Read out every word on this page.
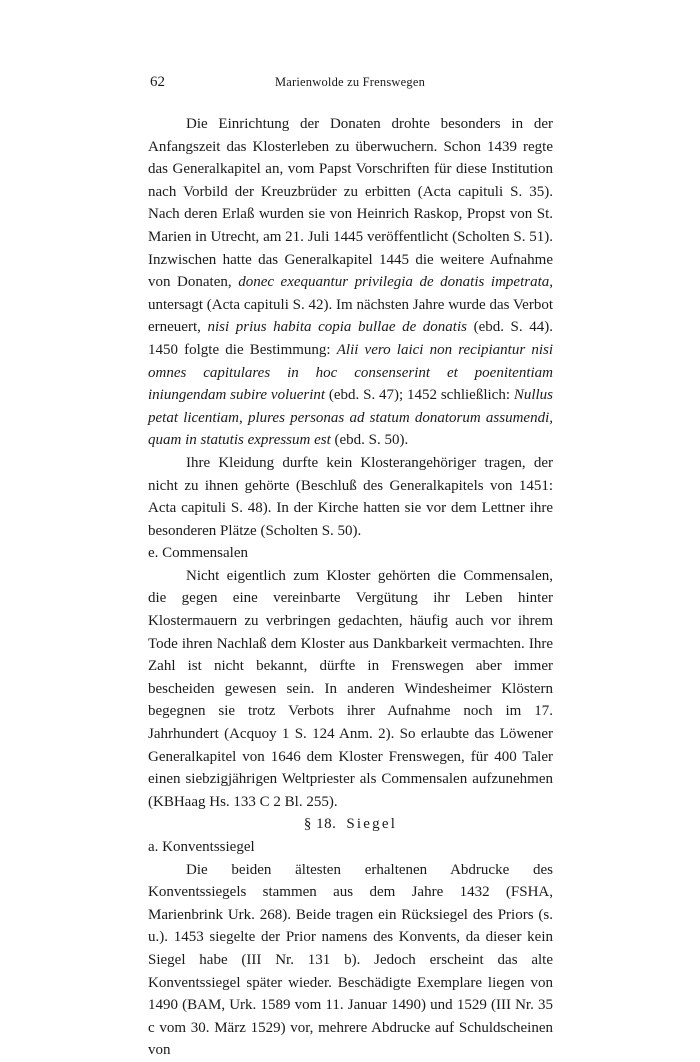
62	Marienwolde zu Frenswegen

Die Einrichtung der Donaten drohte besonders in der Anfangszeit das Klosterleben zu überwuchern. Schon 1439 regte das Generalkapitel an, vom Papst Vorschriften für diese Institution nach Vorbild der Kreuzbrüder zu erbitten (Acta capituli S. 35). Nach deren Erlaß wurden sie von Heinrich Raskop, Propst von St. Marien in Utrecht, am 21. Juli 1445 veröffentlicht (Scholten S. 51). Inzwischen hatte das Generalkapitel 1445 die weitere Aufnahme von Donaten, donec exequantur privilegia de donatis impetrata, untersagt (Acta capituli S. 42). Im nächsten Jahre wurde das Verbot erneuert, nisi prius habita copia bullae de donatis (ebd. S. 44). 1450 folgte die Bestimmung: Alii vero laici non recipiantur nisi omnes capitulares in hoc consenserint et poenitentiam iniungendam subire voluerint (ebd. S. 47); 1452 schließlich: Nullus petat licentiam, plures personas ad statum donatorum assumendi, quam in statutis expressum est (ebd. S. 50).

Ihre Kleidung durfte kein Klosterangehöriger tragen, der nicht zu ihnen gehörte (Beschluß des Generalkapitels von 1451: Acta capituli S. 48). In der Kirche hatten sie vor dem Lettner ihre besonderen Plätze (Scholten S. 50).

e. Commensalen

Nicht eigentlich zum Kloster gehörten die Commensalen, die gegen eine vereinbarte Vergütung ihr Leben hinter Klostermauern zu verbringen gedachten, häufig auch vor ihrem Tode ihren Nachlaß dem Kloster aus Dankbarkeit vermachten. Ihre Zahl ist nicht bekannt, dürfte in Frenswegen aber immer bescheiden gewesen sein. In anderen Windesheimer Klöstern begegnen sie trotz Verbots ihrer Aufnahme noch im 17. Jahrhundert (Acquoy 1 S. 124 Anm. 2). So erlaubte das Löwener Generalkapitel von 1646 dem Kloster Frenswegen, für 400 Taler einen siebzigjährigen Weltpriester als Commensalen aufzunehmen (KBHaag Hs. 133 C 2 Bl. 255).

§ 18. Siegel

a. Konventssiegel

Die beiden ältesten erhaltenen Abdrucke des Konventssiegels stammen aus dem Jahre 1432 (FSHA, Marienbrink Urk. 268). Beide tragen ein Rücksiegel des Priors (s. u.). 1453 siegelte der Prior namens des Konvents, da dieser kein Siegel habe (III Nr. 131 b). Jedoch erscheint das alte Konventssiegel später wieder. Beschädigte Exemplare liegen von 1490 (BAM, Urk. 1589 vom 11. Januar 1490) und 1529 (III Nr. 35 c vom 30. März 1529) vor, mehrere Abdrucke auf Schuldscheinen von
